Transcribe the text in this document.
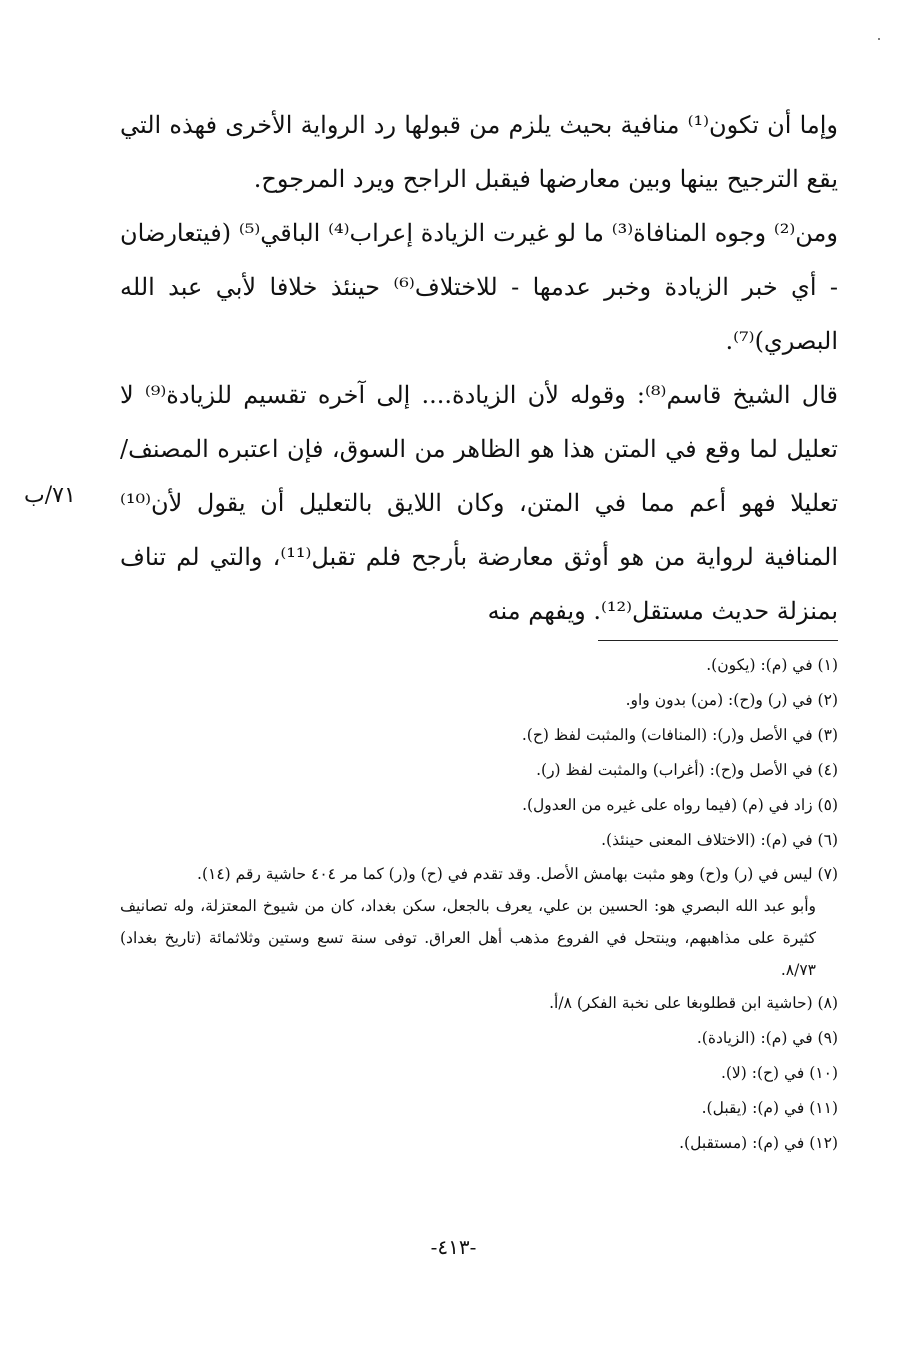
وإما أن تكون⁽¹⁾ منافية بحيث يلزم من قبولها رد الرواية الأخرى فهذه التي يقع الترجيح بينها وبين معارضها فيقبل الراجح ويرد المرجوح.

ومن⁽²⁾ وجوه المنافاة⁽³⁾ ما لو غيرت الزيادة إعراب⁽⁴⁾ الباقي⁽⁵⁾ (فيتعارضان - أي خبر الزيادة وخبر عدمها - للاختلاف⁽⁶⁾ حينئذ خلافا لأبي عبد الله البصري)⁽⁷⁾.

قال الشيخ قاسم⁽⁸⁾: وقوله لأن الزيادة.... إلى آخره تقسيم للزيادة⁽⁹⁾ لا تعليل لما وقع في المتن هذا هو الظاهر من السوق، فإن اعتبره المصنف/ تعليلا فهو أعم مما في المتن، وكان اللايق بالتعليل أن يقول لأن⁽¹⁰⁾ المنافية لرواية من هو أوثق معارضة بأرجح فلم تقبل⁽¹¹⁾، والتي لم تناف بمنزلة حديث مستقل⁽¹²⁾. ويفهم منه

٧١/ب

(١) في (م): (يكون).

(٢) في (ر) و(ح): (من) بدون واو.

(٣) في الأصل و(ر): (المنافات) والمثبت لفظ (ح).

(٤) في الأصل و(ح): (أغراب) والمثبت لفظ (ر).

(٥) زاد في (م) (فيما رواه على غيره من العدول).

(٦) في (م): (الاختلاف المعنى حينئذ).

(٧) ليس في (ر) و(ح) وهو مثبت بهامش الأصل. وقد تقدم في (ح) و(ر) كما مر ٤٠٤ حاشية رقم (١٤).

وأبو عبد الله البصري هو: الحسين بن علي، يعرف بالجعل، سكن بغداد، كان من شيوخ المعتزلة، وله تصانيف كثيرة على مذاهبهم، وينتحل في الفروع مذهب أهل العراق. توفى سنة تسع وستين وثلاثمائة (تاريخ بغداد) ٨/٧٣.

(٨) (حاشية ابن قطلوبغا على نخبة الفكر) ٨/أ.

(٩) في (م): (الزيادة).

(١٠) في (ح): (لا).

(١١) في (م): (يقبل).

(١٢) في (م): (مستقبل).

-٤١٣-
